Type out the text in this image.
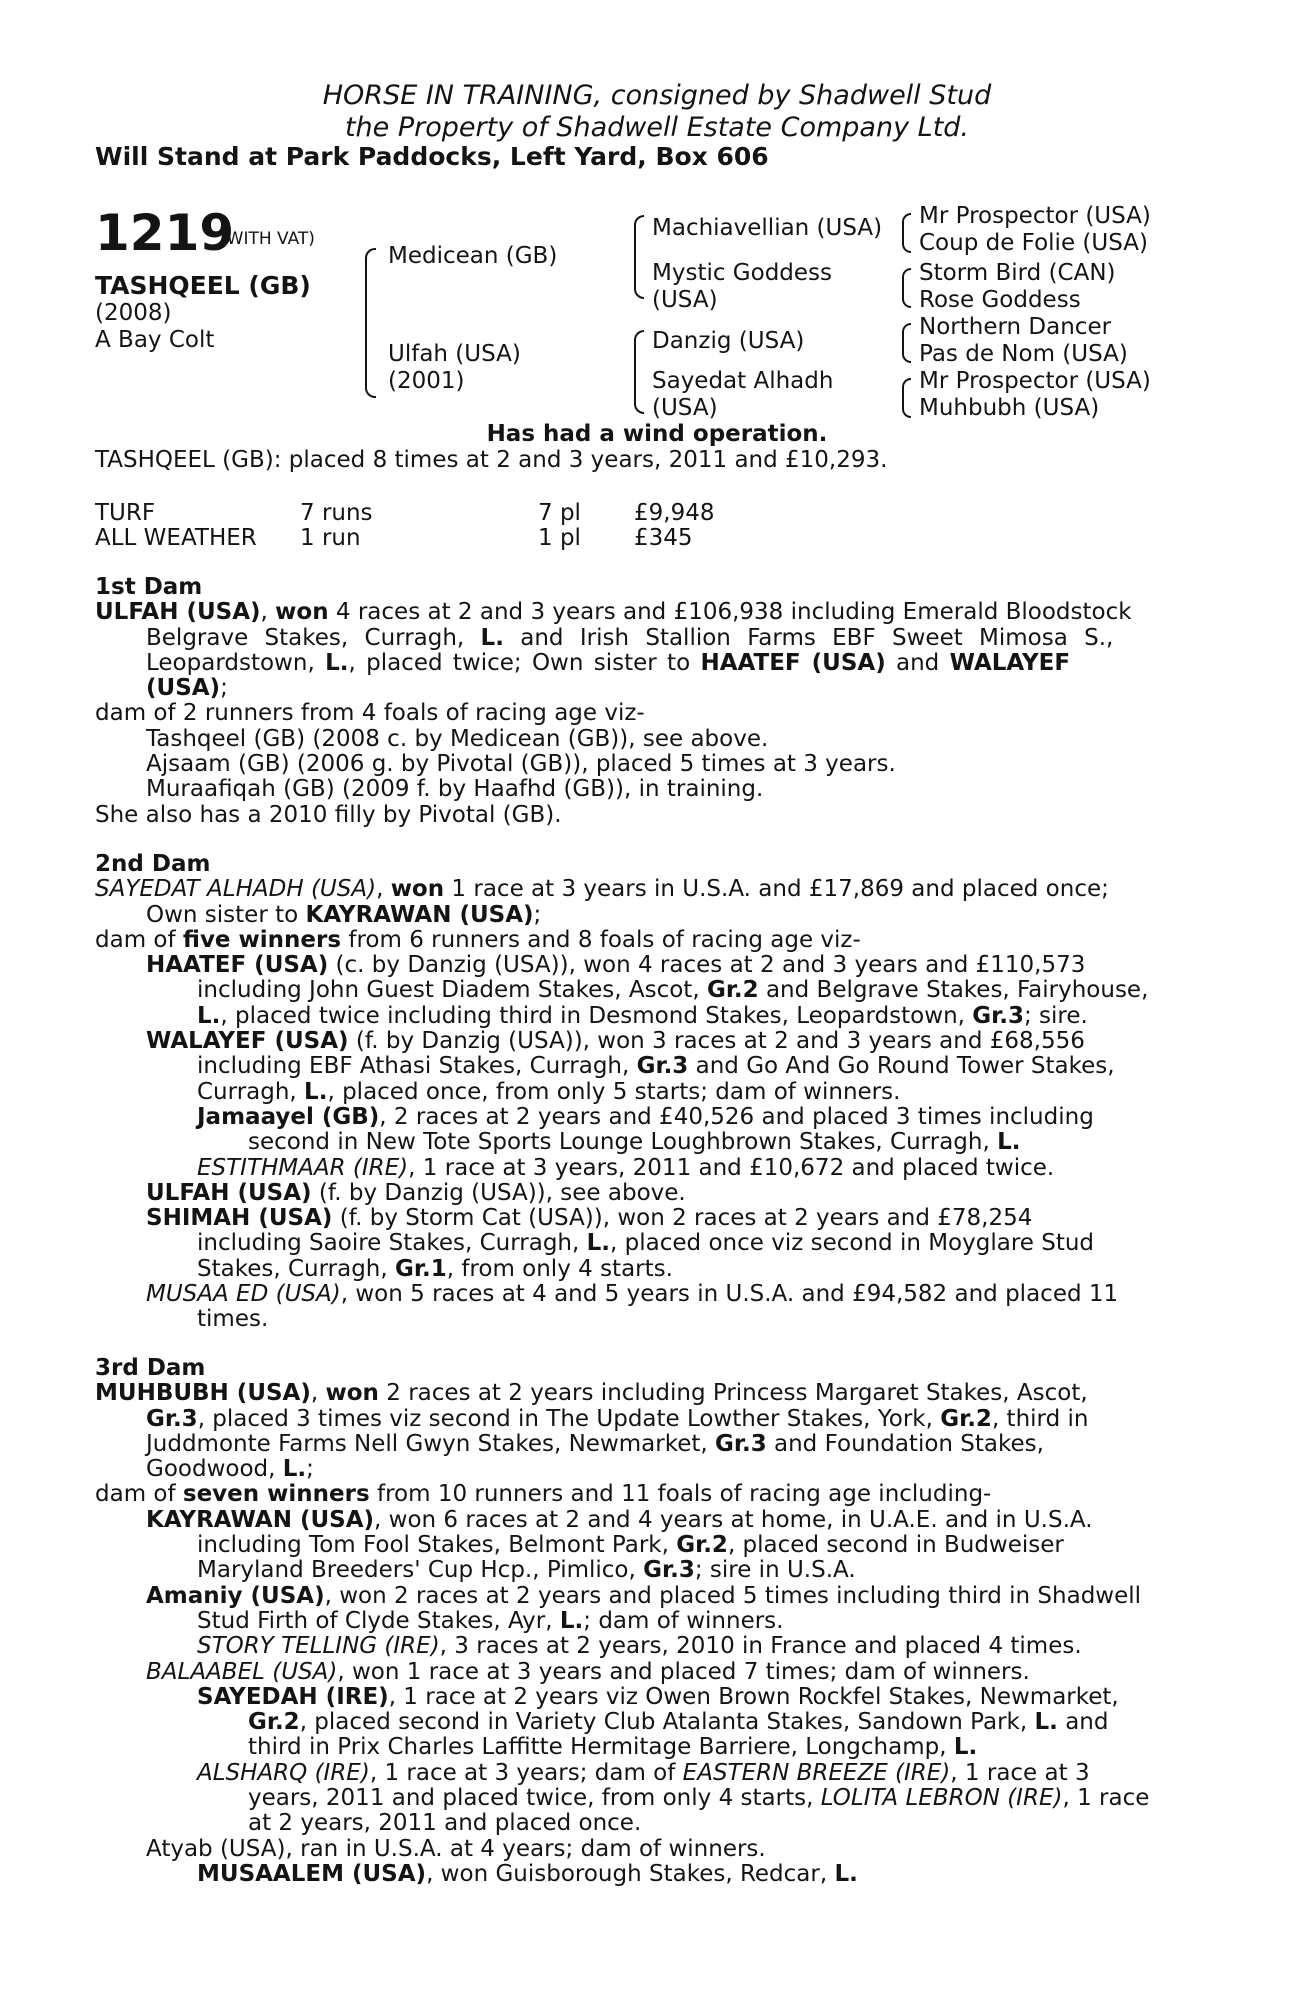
HORSE IN TRAINING, consigned by Shadwell Stud
the Property of Shadwell Estate Company Ltd.
Will Stand at Park Paddocks, Left Yard, Box 606
1219
(WITH VAT)
TASHQEEL (GB)
(2008)
A Bay Colt
Medicean (GB)
Ulfah (USA)
(2001)
Machiavellian (USA)
Mystic Goddess
(USA)
Danzig (USA)
Sayedat Alhadh
(USA)
Mr Prospector (USA)
Coup de Folie (USA)
Storm Bird (CAN)
Rose Goddess
Northern Dancer
Pas de Nom (USA)
Mr Prospector (USA)
Muhbubh (USA)
Has had a wind operation.
TASHQEEL (GB): placed 8 times at 2 and 3 years, 2011 and £10,293.
TURF	7 runs	7 pl £9,948
ALL WEATHER 1 run	1 pl £345

1st Dam

ULFAH (USA), won 4 races at 2 and 3 years and £106,938 including Emerald Bloodstock

Belgrave Stakes, Curragh, L. and Irish Stallion Farms EBF Sweet Mimosa S.,

Leopardstown, L., placed twice; Own sister to HAATEF (USA) and WALAYEF

(USA);

dam of 2 runners from 4 foals of racing age viz-

Tashqeel (GB) (2008 c. by Medicean (GB)), see above.

Ajsaam (GB) (2006 g. by Pivotal (GB)), placed 5 times at 3 years.

Muraafiqah (GB) (2009 f. by Haafhd (GB)), in training.

She also has a 2010 filly by Pivotal (GB).

2nd Dam

SAYEDAT ALHADH (USA), won 1 race at 3 years in U.S.A. and £17,869 and placed once;

Own sister to KAYRAWAN (USA);

dam of five winners from 6 runners and 8 foals of racing age viz-

HAATEF (USA) (c. by Danzig (USA)), won 4 races at 2 and 3 years and £110,573

including John Guest Diadem Stakes, Ascot, Gr.2 and Belgrave Stakes, Fairyhouse,

L., placed twice including third in Desmond Stakes, Leopardstown, Gr.3; sire.

WALAYEF (USA) (f. by Danzig (USA)), won 3 races at 2 and 3 years and £68,556

including EBF Athasi Stakes, Curragh, Gr.3 and Go And Go Round Tower Stakes,

Curragh, L., placed once, from only 5 starts; dam of winners.

Jamaayel (GB), 2 races at 2 years and £40,526 and placed 3 times including

second in New Tote Sports Lounge Loughbrown Stakes, Curragh, L.

ESTITHMAAR (IRE), 1 race at 3 years, 2011 and £10,672 and placed twice.

ULFAH (USA) (f. by Danzig (USA)), see above.

SHIMAH (USA) (f. by Storm Cat (USA)), won 2 races at 2 years and £78,254

including Saoire Stakes, Curragh, L., placed once viz second in Moyglare Stud

Stakes, Curragh, Gr.1, from only 4 starts.

MUSAA ED (USA), won 5 races at 4 and 5 years in U.S.A. and £94,582 and placed 11

times.

3rd Dam

MUHBUBH (USA), won 2 races at 2 years including Princess Margaret Stakes, Ascot,

Gr.3, placed 3 times viz second in The Update Lowther Stakes, York, Gr.2, third in

Juddmonte Farms Nell Gwyn Stakes, Newmarket, Gr.3 and Foundation Stakes,

Goodwood, L.;

dam of seven winners from 10 runners and 11 foals of racing age including-

KAYRAWAN (USA), won 6 races at 2 and 4 years at home, in U.A.E. and in U.S.A.

including Tom Fool Stakes, Belmont Park, Gr.2, placed second in Budweiser

Maryland Breeders' Cup Hcp., Pimlico, Gr.3; sire in U.S.A.

Amaniy (USA), won 2 races at 2 years and placed 5 times including third in Shadwell

Stud Firth of Clyde Stakes, Ayr, L.; dam of winners.

STORY TELLING (IRE), 3 races at 2 years, 2010 in France and placed 4 times.

BALAABEL (USA), won 1 race at 3 years and placed 7 times; dam of winners.

SAYEDAH (IRE), 1 race at 2 years viz Owen Brown Rockfel Stakes, Newmarket,

Gr.2, placed second in Variety Club Atalanta Stakes, Sandown Park, L. and

third in Prix Charles Laffitte Hermitage Barriere, Longchamp, L.

ALSHARQ (IRE), 1 race at 3 years; dam of EASTERN BREEZE (IRE), 1 race at 3

years, 2011 and placed twice, from only 4 starts, LOLITA LEBRON (IRE), 1 race

at 2 years, 2011 and placed once.

Atyab (USA), ran in U.S.A. at 4 years; dam of winners.

MUSAALEM (USA), won Guisborough Stakes, Redcar, L.
